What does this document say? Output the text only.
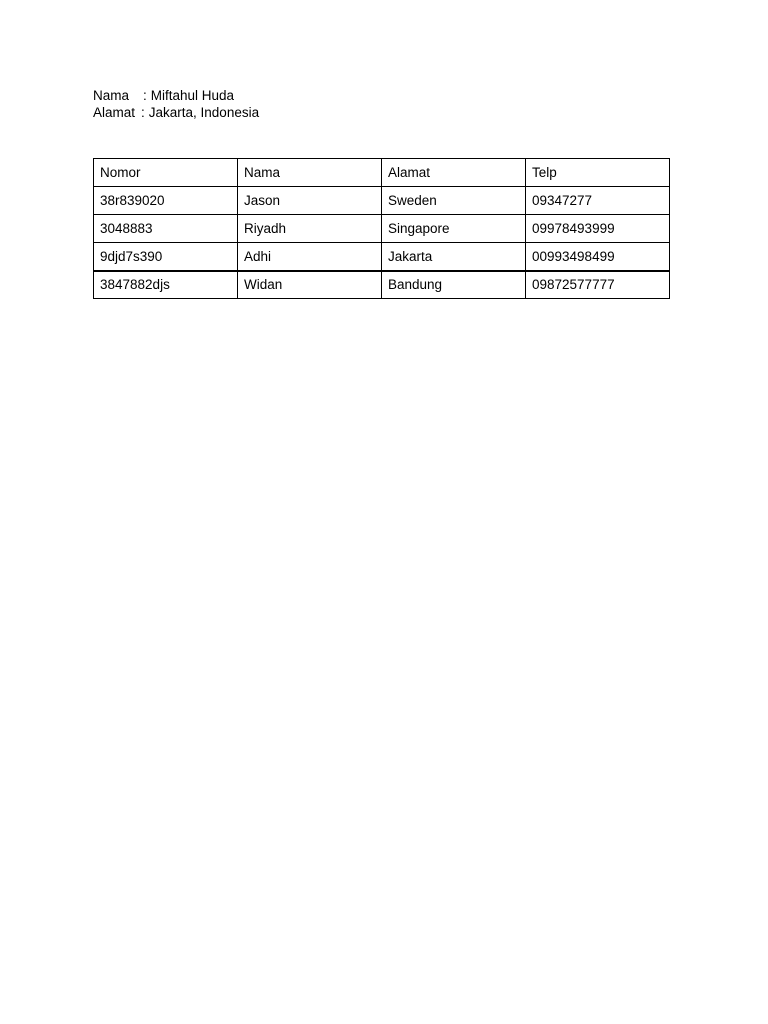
Nama	: Miftahul Huda
Alamat : Jakarta, Indonesia
Nomor	Nama	Alamat	Telp
38r839020	Jason	Sweden	09347277
3048883	Riyadh	Singapore	09978493999
9djd7s390	Adhi	Jakarta	00993498499
3847882djs	Widan	Bandung	09872577777
